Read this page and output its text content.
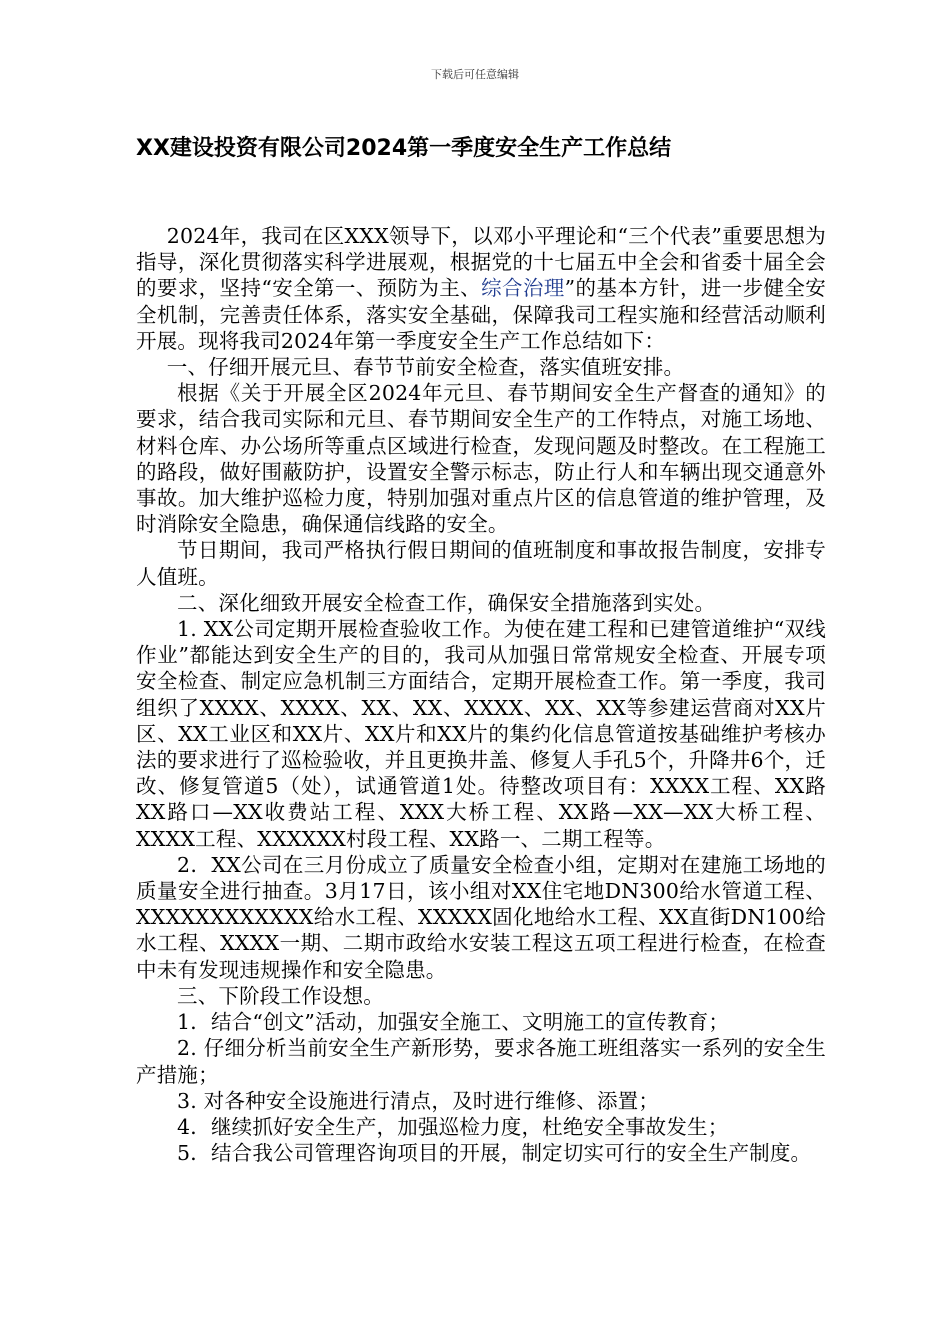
下载后可任意编辑
XX建设投资有限公司2024第一季度安全生产工作总结

2024年，我司在区XXX领导下，以邓小平理论和“三个代表”重要思想为指导，深化贯彻落实科学进展观，根据党的十七届五中全会和省委十届全会的要求，坚持“安全第一、预防为主、综合治理”的基本方针，进一步健全安全机制，完善责任体系，落实安全基础，保障我司工程实施和经营活动顺利开展。现将我司2024年第一季度安全生产工作总结如下：

一、仔细开展元旦、春节节前安全检查，落实值班安排。

根据《关于开展全区2024年元旦、春节期间安全生产督查的通知》的要求，结合我司实际和元旦、春节期间安全生产的工作特点，对施工场地、材料仓库、办公场所等重点区域进行检查，发现问题及时整改。在工程施工的路段，做好围蔽防护，设置安全警示标志，防止行人和车辆出现交通意外事故。加大维护巡检力度，特别加强对重点片区的信息管道的维护管理，及时消除安全隐患，确保通信线路的安全。

节日期间，我司严格执行假日期间的值班制度和事故报告制度，安排专人值班。

二、深化细致开展安全检查工作，确保安全措施落到实处。

1. XX公司定期开展检查验收工作。为使在建工程和已建管道维护“双线作业”都能达到安全生产的目的，我司从加强日常常规安全检查、开展专项安全检查、制定应急机制三方面结合，定期开展检查工作。第一季度，我司组织了XXXX、XXXX、XX、XX、XXXX、XX、XX等参建运营商对XX片区、XX工业区和XX片、XX片和XX片的集约化信息管道按基础维护考核办法的要求进行了巡检验收，并且更换井盖、修复人手孔5个，升降井6个，迁改、修复管道5（处），试通管道1处。待整改项目有：XXXX工程、XX路XX路口—XX收费站工程、XXX大桥工程、XX路—XX—XX大桥工程、XXXX工程、XXXXXX村段工程、XX路一、二期工程等。

2．XX公司在三月份成立了质量安全检查小组，定期对在建施工场地的质量安全进行抽查。3月17日，该小组对XX住宅地DN300给水管道工程、XXXXXXXXXXXX给水工程、XXXXX固化地给水工程、XX直街DN100给水工程、XXXX一期、二期市政给水安装工程这五项工程进行检查，在检查中未有发现违规操作和安全隐患。

三、下阶段工作设想。

1．结合“创文”活动，加强安全施工、文明施工的宣传教育；

2. 仔细分析当前安全生产新形势，要求各施工班组落实一系列的安全生产措施；

3. 对各种安全设施进行清点，及时进行维修、添置；

4．继续抓好安全生产，加强巡检力度，杜绝安全事故发生；

5．结合我公司管理咨询项目的开展，制定切实可行的安全生产制度。
